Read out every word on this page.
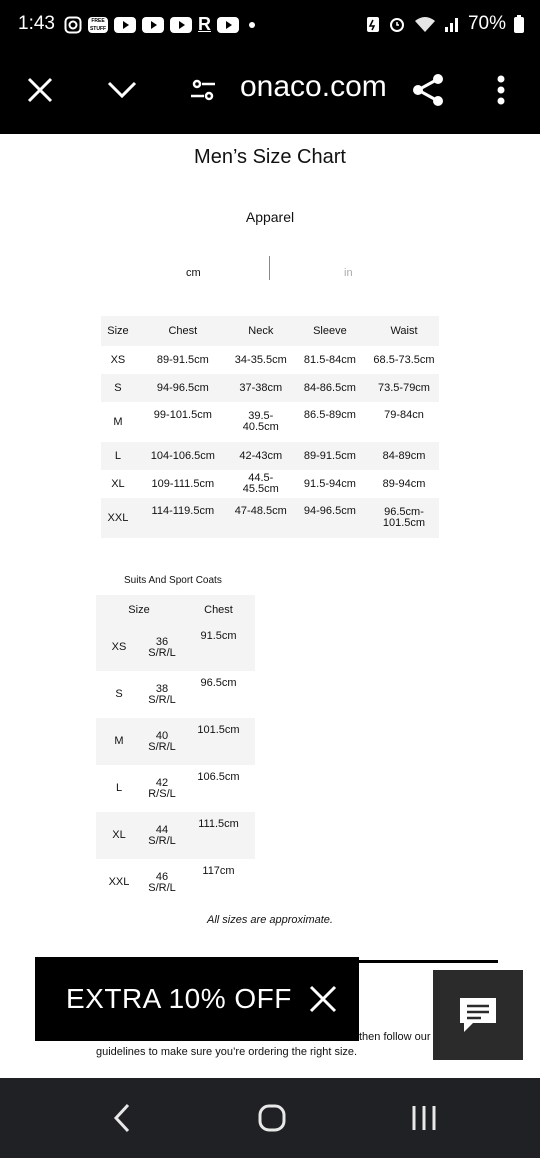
1:43	FREE STUFF	R	70%
onaco.com
Men’s Size Chart
Apparel
cm	in
Size	Chest	Neck	Sleeve	Waist
XS	89-91.5cm	34-35.5cm	81.5-84cm	68.5-73.5cm
S	94-96.5cm	37-38cm	84-86.5cm	73.5-79cm
M	99-101.5cm	39.5-40.5cm	86.5-89cm	79-84cn
L	104-106.5cm	42-43cm	89-91.5cm	84-89cm
XL	109-111.5cm	44.5-45.5cm	91.5-94cm	89-94cm
XXL	114-119.5cm	47-48.5cm	94-96.5cm	96.5cm-101.5cm
Suits And Sport Coats
Size		Chest
XS	36 S/R/L	91.5cm
S	38 S/R/L	96.5cm
M	40 S/R/L	101.5cm
L	42 R/S/L	106.5cm
XL	44 S/R/L	111.5cm
XXL	46 S/R/L	117cm
All sizes are approximate.
then follow our
guidelines to make sure you’re ordering the right size.
EXTRA 10% OFF
